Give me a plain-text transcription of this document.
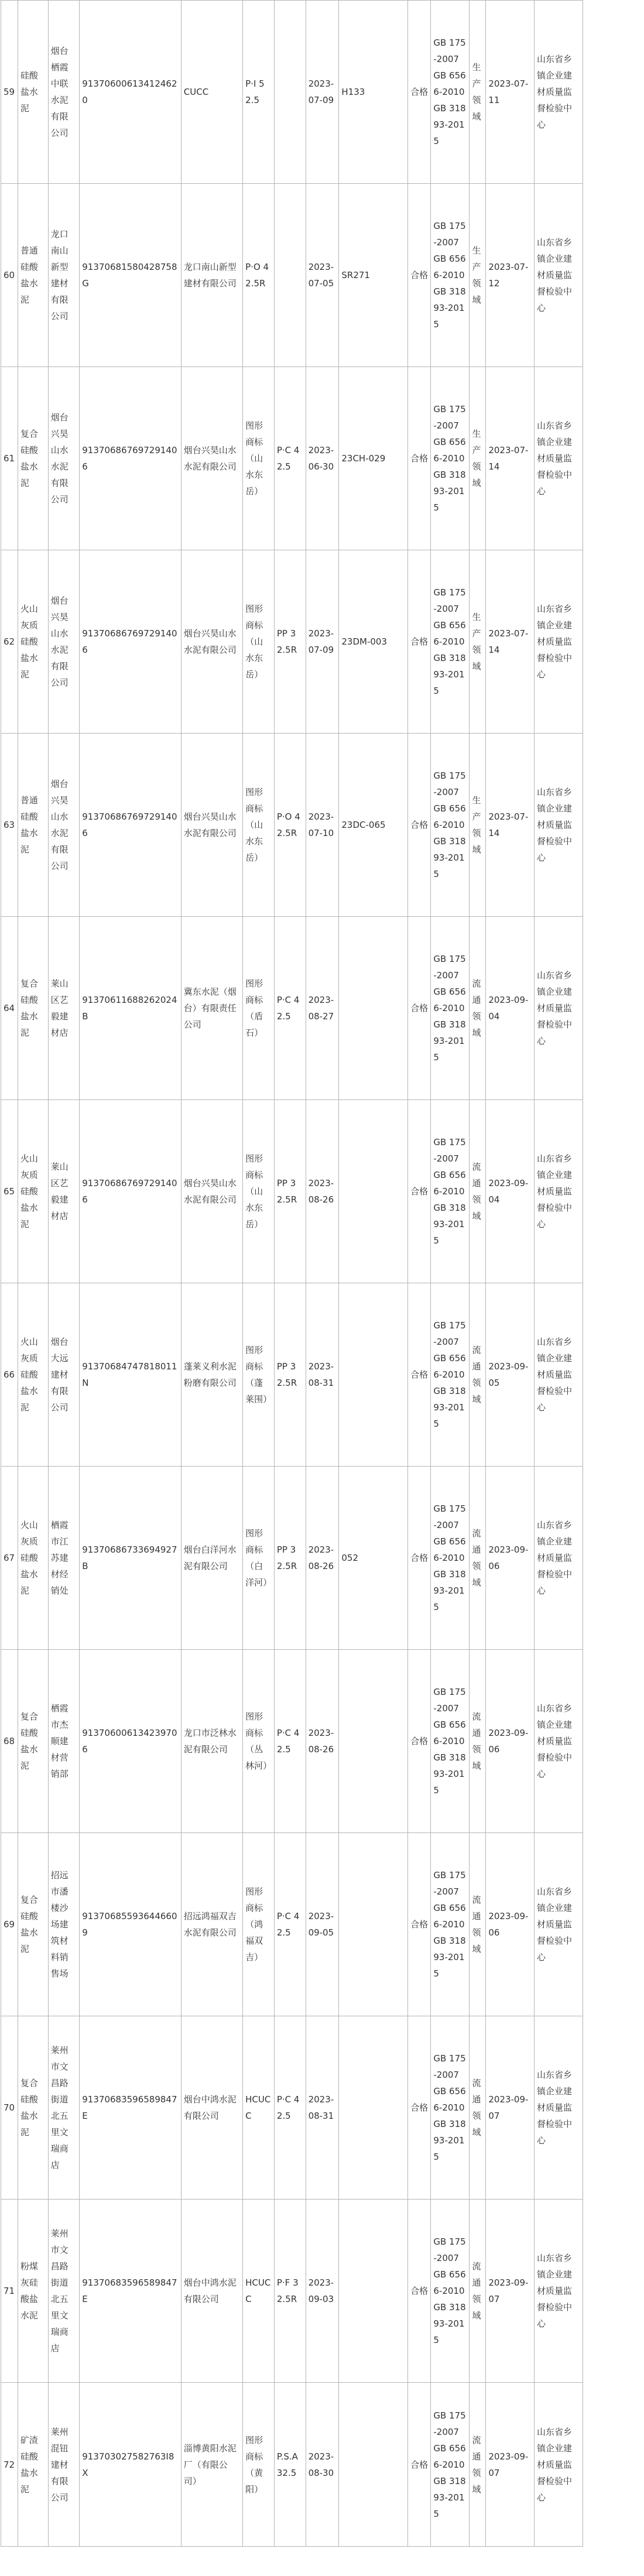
59	硅酸盐水泥	烟台栖霞中联水泥有限公司	913706006134124620	CUCC	P·I 52.5		2023-07-09	H133	合格	GB 175-2007 GB 6566-2010 GB 31893-2015	生产领域	2023-07-11	山东省乡镇企业建材质量监督检验中心
60	普通硅酸盐水泥	龙口南山新型建材有限公司	91370681580428758G	龙口南山新型建材有限公司	P·O 42.5R		2023-07-05	SR271	合格	GB 175-2007 GB 6566-2010 GB 31893-2015	生产领域	2023-07-12	山东省乡镇企业建材质量监督检验中心
61	复合硅酸盐水泥	烟台兴昊山水水泥有限公司	913706867697291406	烟台兴昊山水水泥有限公司	图形商标（山水东岳）	P·C 42.5	2023-06-30	23CH-029	合格	GB 175-2007 GB 6566-2010 GB 31893-2015	生产领域	2023-07-14	山东省乡镇企业建材质量监督检验中心
62	火山灰质硅酸盐水泥	烟台兴昊山水水泥有限公司	913706867697291406	烟台兴昊山水水泥有限公司	图形商标（山水东岳）	PP 32.5R	2023-07-09	23DM-003	合格	GB 175-2007 GB 6566-2010 GB 31893-2015	生产领域	2023-07-14	山东省乡镇企业建材质量监督检验中心
63	普通硅酸盐水泥	烟台兴昊山水水泥有限公司	913706867697291406	烟台兴昊山水水泥有限公司	图形商标（山水东岳）	P·O 42.5R	2023-07-10	23DC-065	合格	GB 175-2007 GB 6566-2010 GB 31893-2015	生产领域	2023-07-14	山东省乡镇企业建材质量监督检验中心
64	复合硅酸盐水泥	莱山区艺毅建材店	91370611688262024B	冀东水泥（烟台）有限责任公司	图形商标（盾石）	P·C 42.5	2023-08-27		合格	GB 175-2007 GB 6566-2010 GB 31893-2015	流通领域	2023-09-04	山东省乡镇企业建材质量监督检验中心
65	火山灰质硅酸盐水泥	莱山区艺毅建材店	913706867697291406	烟台兴昊山水水泥有限公司	图形商标（山水东岳）	PP 32.5R	2023-08-26		合格	GB 175-2007 GB 6566-2010 GB 31893-2015	流通领域	2023-09-04	山东省乡镇企业建材质量监督检验中心
66	火山灰质硅酸盐水泥	烟台大远建材有限公司	91370684747818011N	蓬莱义利水泥粉磨有限公司	图形商标（蓬莱围）	PP 32.5R	2023-08-31		合格	GB 175-2007 GB 6566-2010 GB 31893-2015	流通领域	2023-09-05	山东省乡镇企业建材质量监督检验中心
67	火山灰质硅酸盐水泥	栖霞市江苏建材经销处	91370686733694927B	烟台白洋河水泥有限公司	图形商标（白洋河）	PP 32.5R	2023-08-26	052	合格	GB 175-2007 GB 6566-2010 GB 31893-2015	流通领域	2023-09-06	山东省乡镇企业建材质量监督检验中心
68	复合硅酸盐水泥	栖霞市杰顺建材营销部	913706006134239706	龙口市泛林水泥有限公司	图形商标（丛林河）	P·C 42.5	2023-08-26		合格	GB 175-2007 GB 6566-2010 GB 31893-2015	流通领域	2023-09-06	山东省乡镇企业建材质量监督检验中心
69	复合硅酸盐水泥	招远市潘楼沙场建筑材料销售场	913706855936446609	招远鸿福双吉水泥有限公司	图形商标（鸿福双吉）	P·C 42.5	2023-09-05		合格	GB 175-2007 GB 6566-2010 GB 31893-2015	流通领域	2023-09-06	山东省乡镇企业建材质量监督检验中心
70	复合硅酸盐水泥	莱州市文昌路街道北五里文瑞商店	91370683596589847E	烟台中鸿水泥有限公司	HCUCC	P·C 42.5	2023-08-31		合格	GB 175-2007 GB 6566-2010 GB 31893-2015	流通领域	2023-09-07	山东省乡镇企业建材质量监督检验中心
71	粉煤灰硅酸盐水泥	莱州市文昌路街道北五里文瑞商店	91370683596589847E	烟台中鸿水泥有限公司	HCUCC	P·F 32.5R	2023-09-03		合格	GB 175-2007 GB 6566-2010 GB 31893-2015	流通领域	2023-09-07	山东省乡镇企业建材质量监督检验中心
72	矿渣硅酸盐水泥	莱州混钮建材有限公司	913703027582763I8X	淄博黄阳水泥厂（有限公司）	图形商标（黄阳）	P.S.A 32.5	2023-08-30		合格	GB 175-2007 GB 6566-2010 GB 31893-2015	流通领域	2023-09-07	山东省乡镇企业建材质量监督检验中心
